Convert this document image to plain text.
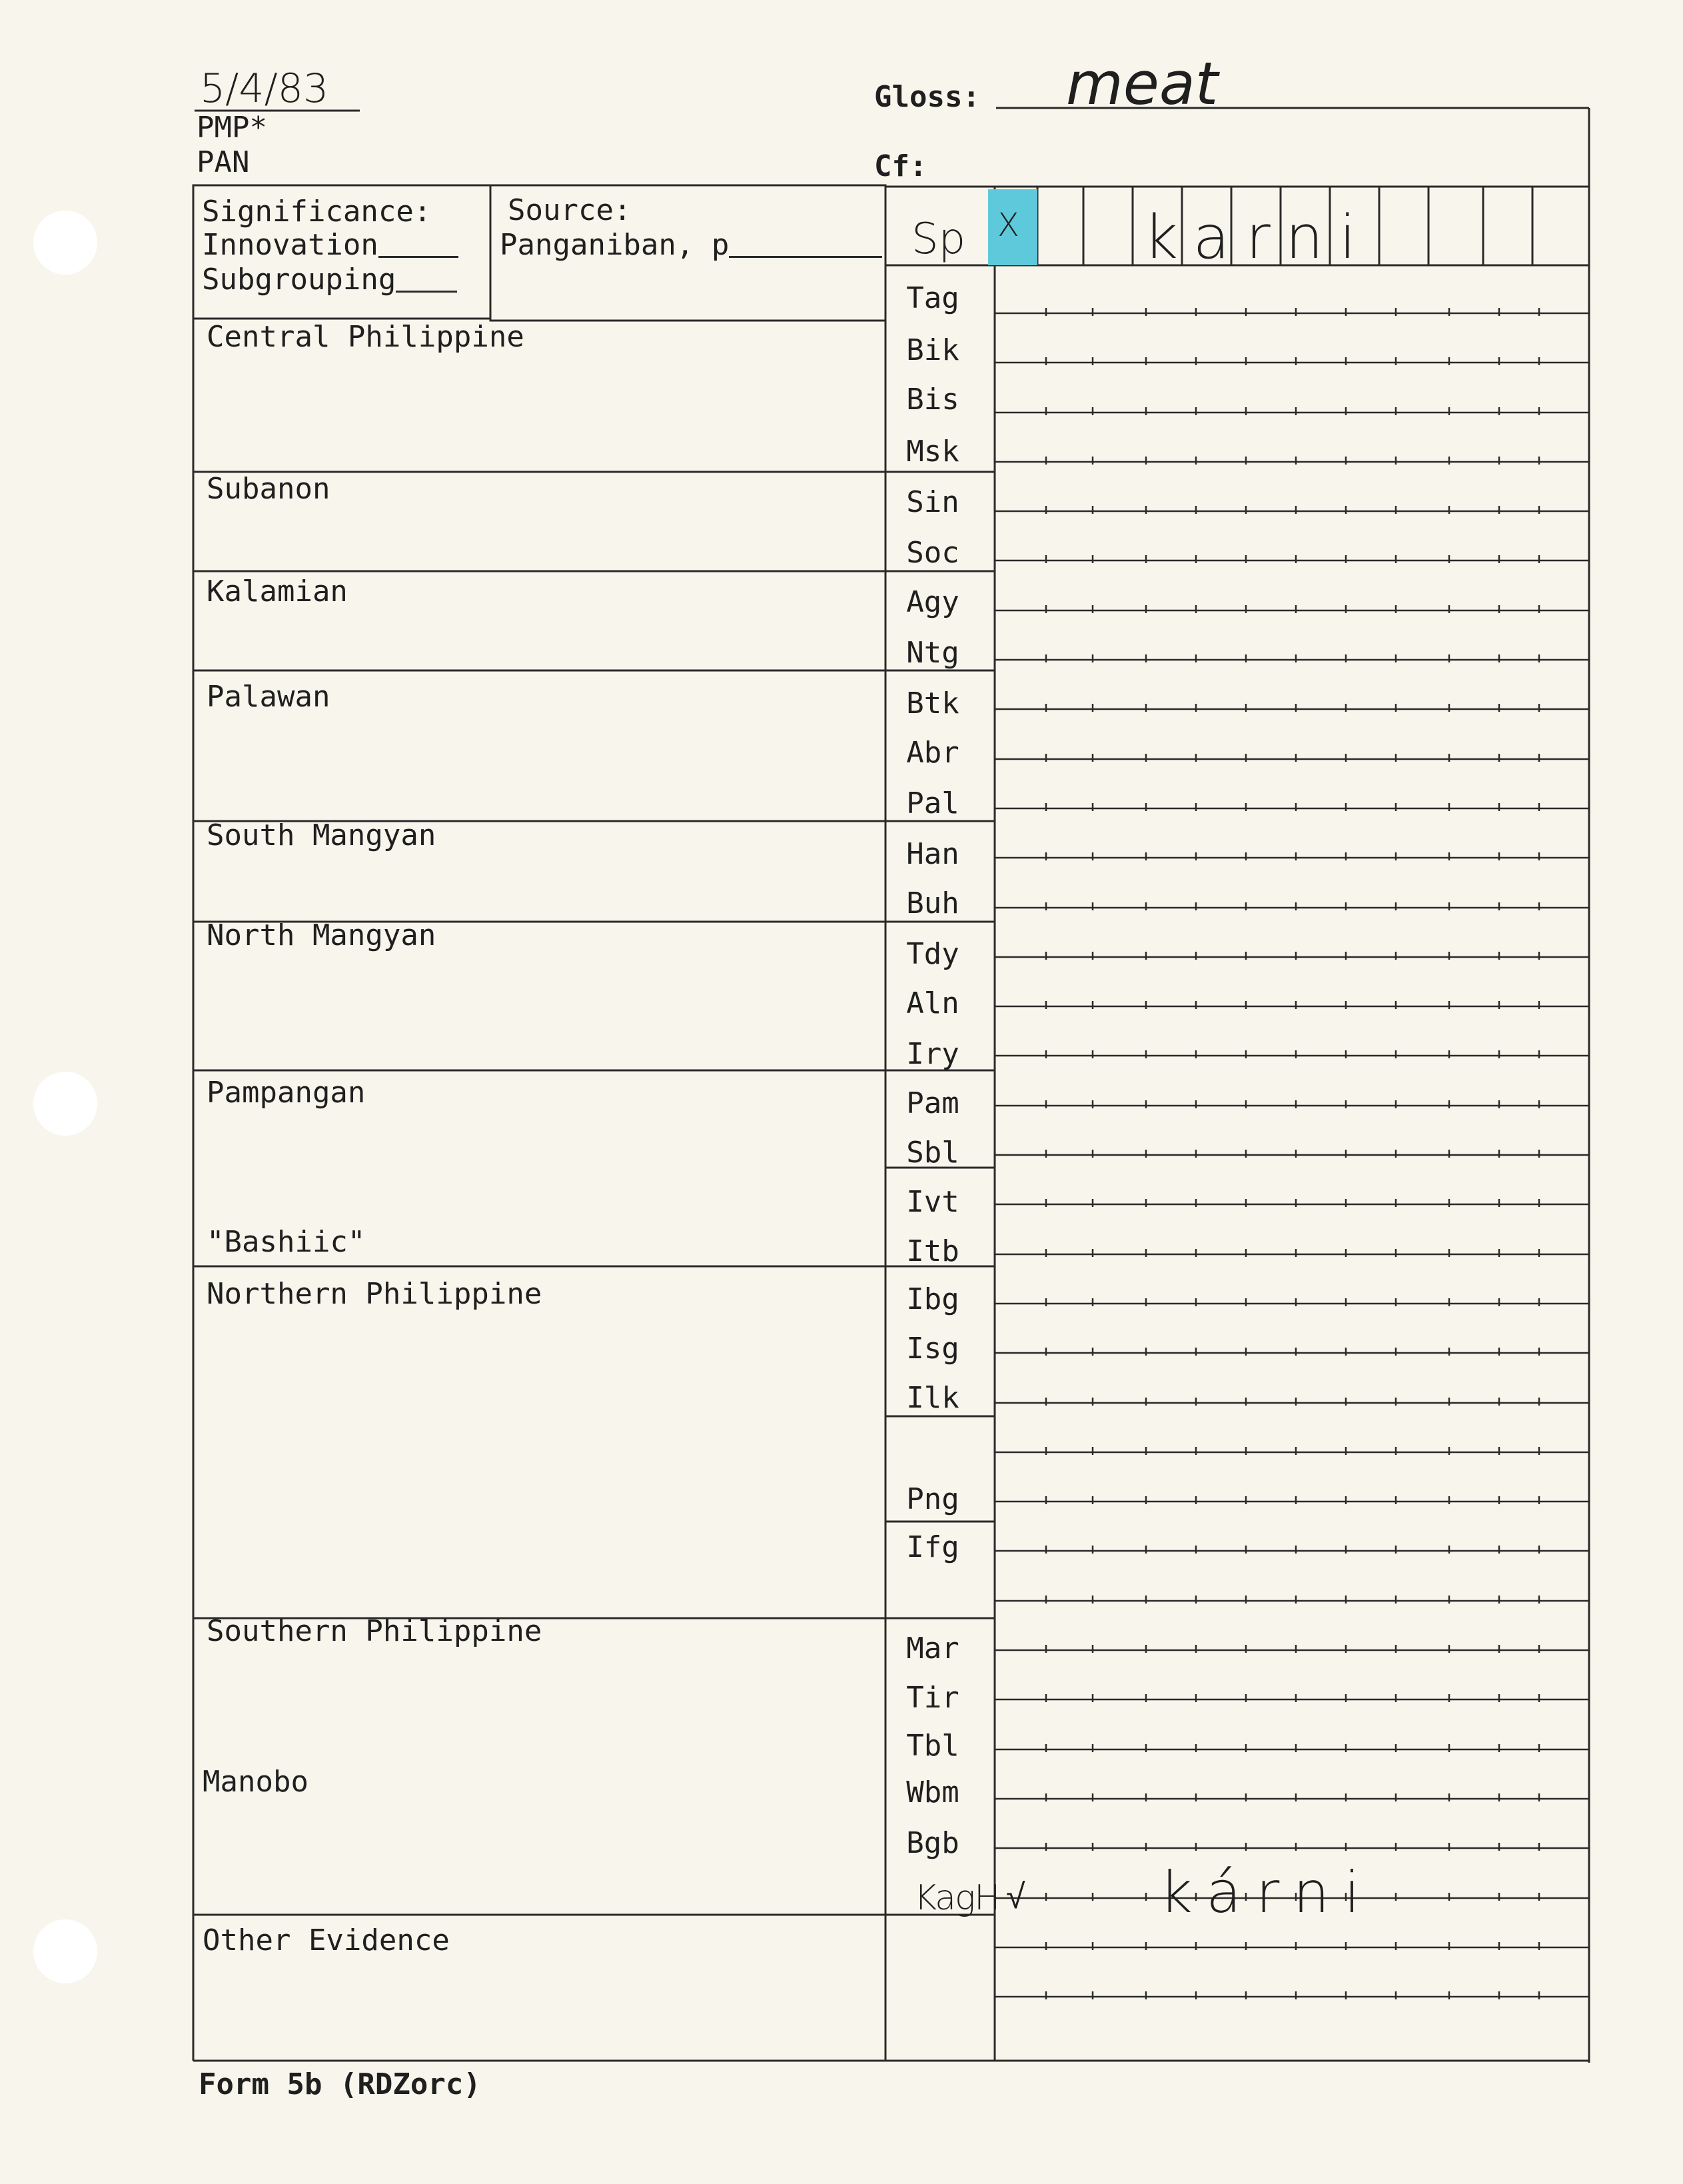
5/4/83
PMP*
PAN
Gloss: meat
Cf:
Significance:
Innovation
Subgrouping
Source:
Panganiban, p	Sp X karni
Central Philippine
Subanon
Kalamian
Palawan
South Mangyan
North Mangyan
Pampangan
"Bashiic"
Northern Philippine
Southern Philippine
Manobo
Other Evidence
Tag
Bik
Bis
Msk
Sin
Soc
Agy
Ntg
Btk
Abr
Pal
Han
Buh
Tdy
Aln
Iry
Pam
Sbl
Ivt
Itb
Ibg
Isg
Ilk
Png
Ifg
Mar
Tir
Tbl
Wbm
Bgb
KagH √ kárni
Form 5b (RDZorc)
